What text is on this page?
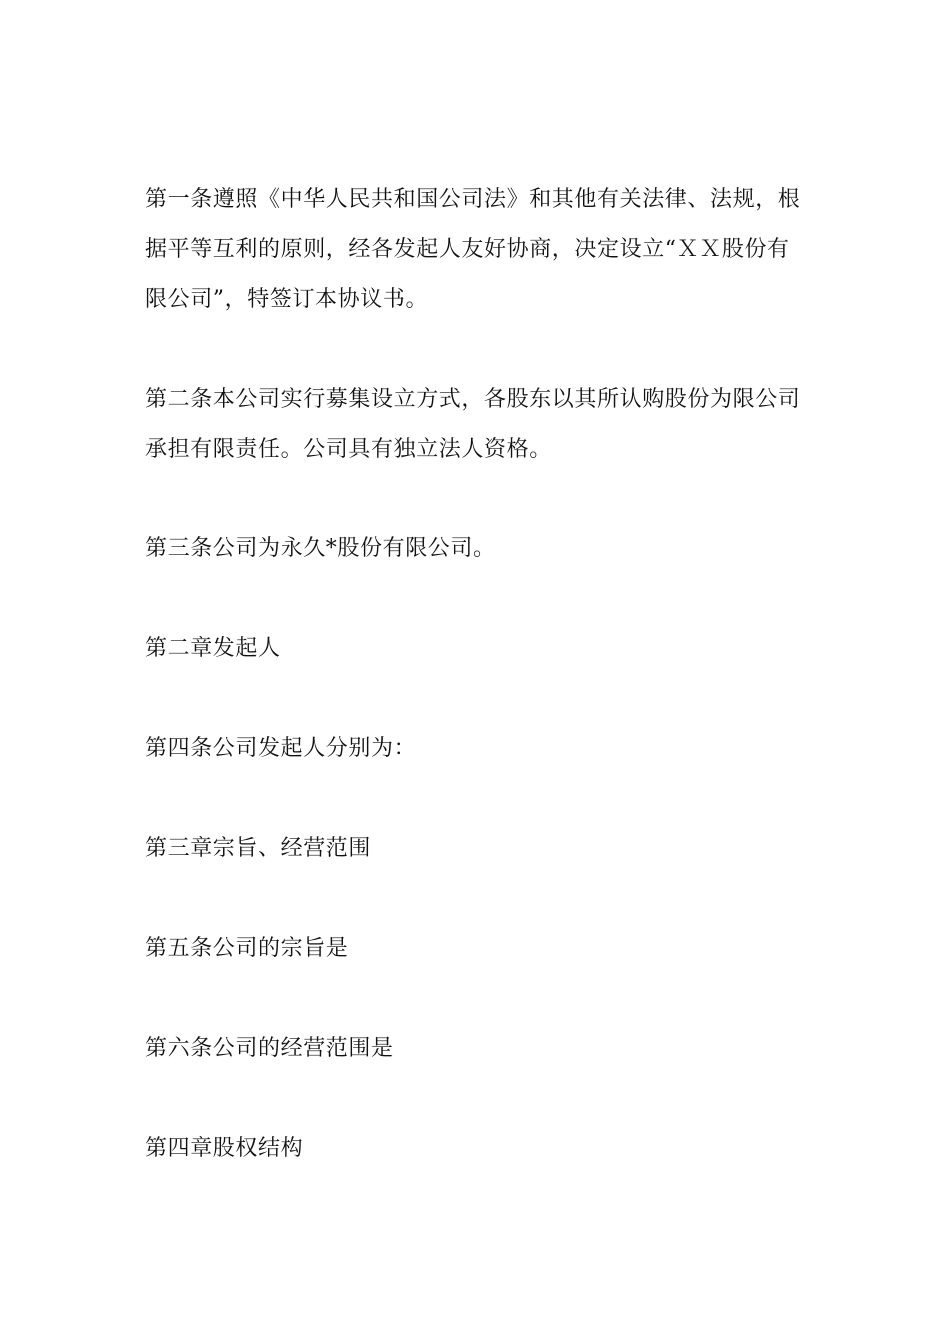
第一条遵照《中华人民共和国公司法》和其他有关法律、法规，根据平等互利的原则，经各发起人友好协商，决定设立“ＸＸ股份有限公司”，特签订本协议书。

第二条本公司实行募集设立方式，各股东以其所认购股份为限公司承担有限责任。公司具有独立法人资格。

第三条公司为永久*股份有限公司。

第二章发起人

第四条公司发起人分别为：

第三章宗旨、经营范围

第五条公司的宗旨是

第六条公司的经营范围是

第四章股权结构
